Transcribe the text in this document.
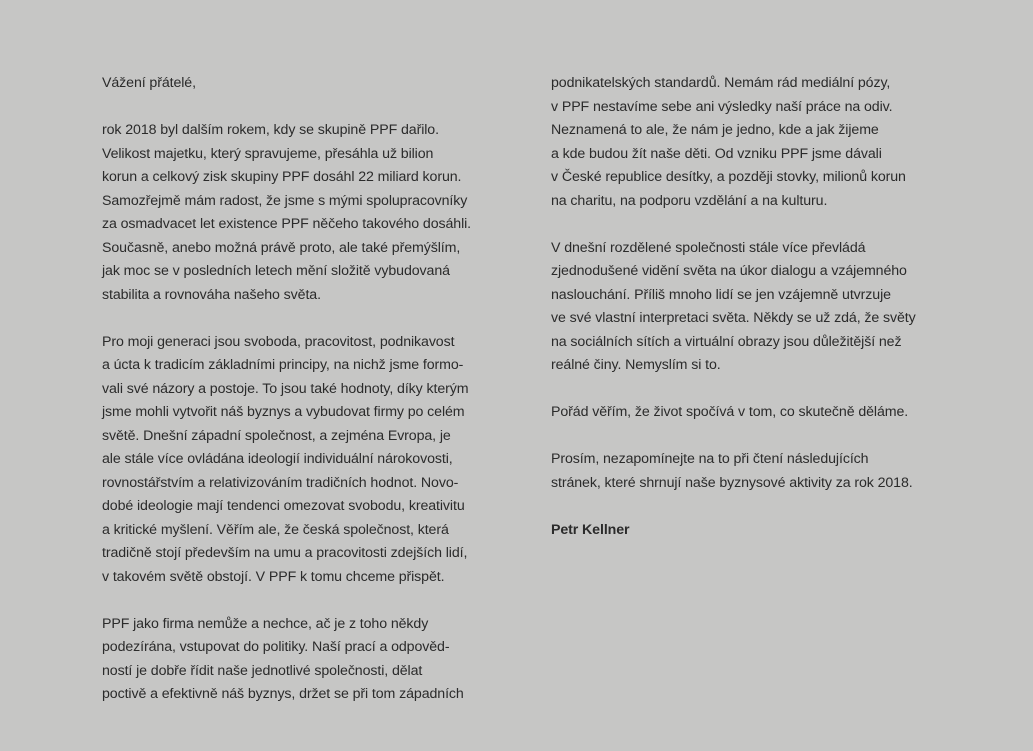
Vážení přátelé,

rok 2018 byl dalším rokem, kdy se skupině PPF dařilo.
Velikost majetku, který spravujeme, přesáhla už bilion
korun a celkový zisk skupiny PPF dosáhl 22 miliard korun.
Samozřejmě mám radost, že jsme s mými spolupracovníky
za osmadvacet let existence PPF něčeho takového dosáhli.
Současně, anebo možná právě proto, ale také přemýšlím,
jak moc se v posledních letech mění složitě vybudovaná
stabilita a rovnováha našeho světa.

Pro moji generaci jsou svoboda, pracovitost, podnikavost
a úcta k tradicím základními principy, na nichž jsme formo-
vali své názory a postoje. To jsou také hodnoty, díky kterým
jsme mohli vytvořit náš byznys a vybudovat firmy po celém
světě. Dnešní západní společnost, a zejména Evropa, je
ale stále více ovládána ideologií individuální nárokovosti,
rovnostářstvím a relativizováním tradičních hodnot. Novo-
dobé ideologie mají tendenci omezovat svobodu, kreativitu
a kritické myšlení. Věřím ale, že česká společnost, která
tradičně stojí především na umu a pracovitosti zdejších lidí,
v takovém světě obstojí. V PPF k tomu chceme přispět.

PPF jako firma nemůže a nechce, ač je z toho někdy
podezírána, vstupovat do politiky. Naší prací a odpověd-
ností je dobře řídit naše jednotlivé společnosti, dělat
poctivě a efektivně náš byznys, držet se při tom západních

podnikatelských standardů. Nemám rád mediální pózy,
v PPF nestavíme sebe ani výsledky naší práce na odiv.
Neznamená to ale, že nám je jedno, kde a jak žijeme
a kde budou žít naše děti. Od vzniku PPF jsme dávali
v České republice desítky, a později stovky, milionů korun
na charitu, na podporu vzdělání a na kulturu.

V dnešní rozdělené společnosti stále více převládá
zjednodušené vidění světa na úkor dialogu a vzájemného
naslouchání. Příliš mnoho lidí se jen vzájemně utvrzuje
ve své vlastní interpretaci světa. Někdy se už zdá, že světy
na sociálních sítích a virtuální obrazy jsou důležitější než
reálné činy. Nemyslím si to.

Pořád věřím, že život spočívá v tom, co skutečně děláme.

Prosím, nezapomínejte na to při čtení následujících
stránek, které shrnují naše byznysové aktivity za rok 2018.

Petr Kellner
